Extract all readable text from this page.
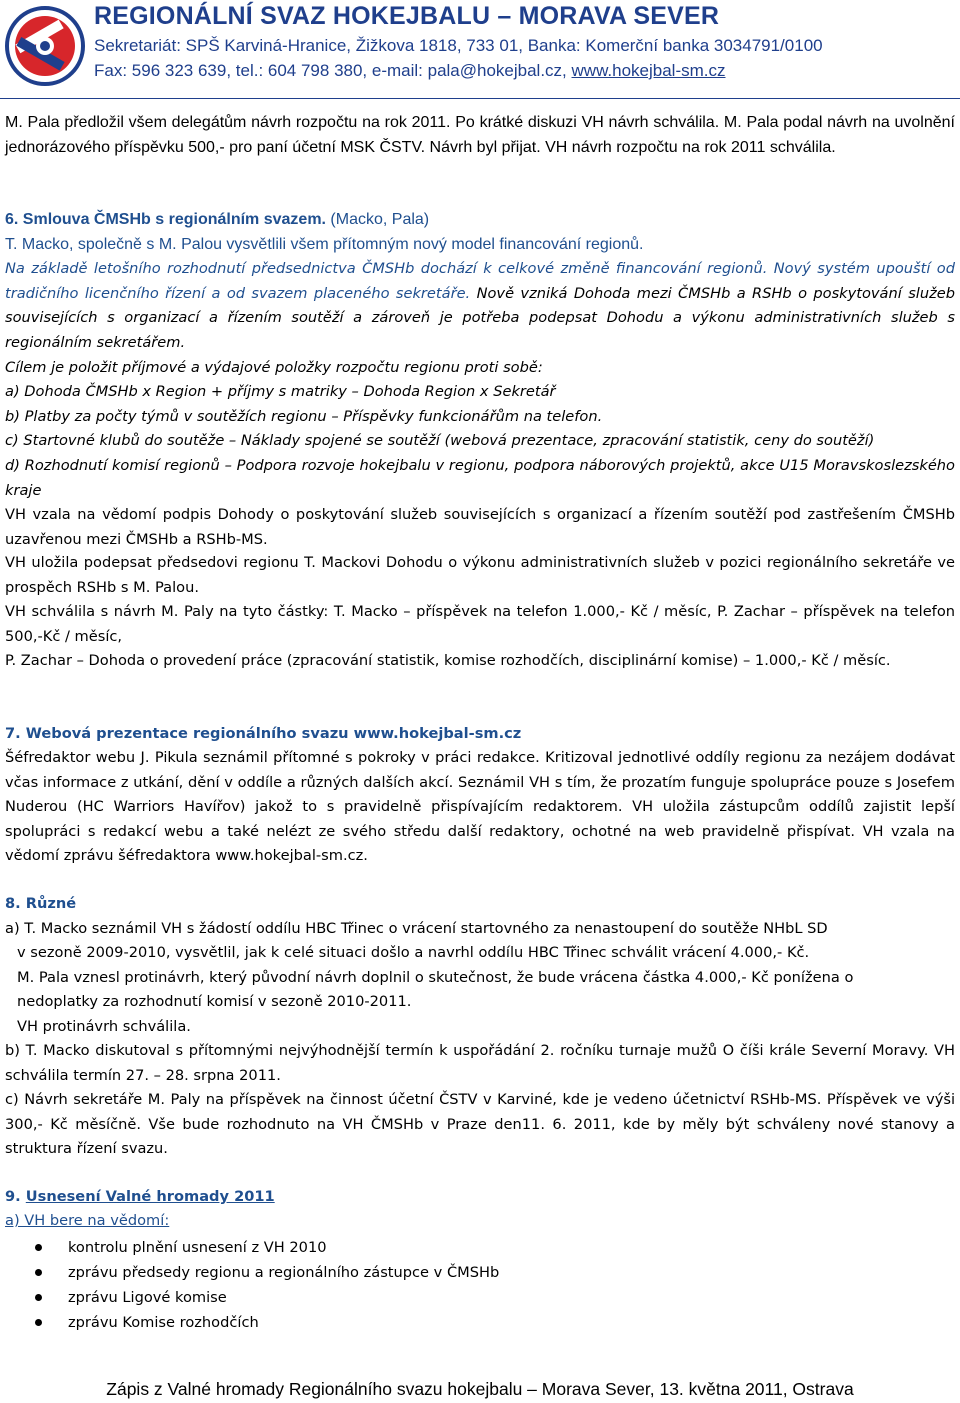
REGIONÁLNÍ SVAZ HOKEJBALU – MORAVA SEVER
Sekretariát: SPŠ Karviná-Hranice, Žižkova 1818, 733 01, Banka: Komerční banka 3034791/0100
Fax: 596 323 639, tel.: 604 798 380, e-mail: pala@hokejbal.cz, www.hokejbal-sm.cz
M. Pala předložil všem delegátům návrh rozpočtu na rok 2011. Po krátké diskuzi VH návrh schválila. M. Pala podal návrh na uvolnění jednorázového příspěvku 500,- pro paní účetní MSK ČSTV. Návrh byl přijat. VH návrh rozpočtu na rok 2011 schválila.
6. Smlouva ČMSHb s regionálním svazem. (Macko, Pala)
T. Macko, společně s M. Palou vysvětlili všem přítomným nový model financování regionů.
Na základě letošního rozhodnutí předsednictva ČMSHb dochází k celkové změně financování regionů. Nový systém upouští od tradičního licenčního řízení a od svazem placeného sekretáře. Nově vzniká Dohoda mezi ČMSHb a RSHb o poskytování služeb souvisejících s organizací a řízením soutěží a zároveň je potřeba podepsat Dohodu a výkonu administrativních služeb s regionálním sekretářem.
Cílem je položit příjmové a výdajové položky rozpočtu regionu proti sobě:
a) Dohoda ČMSHb x Region + příjmy s matriky – Dohoda Region x Sekretář
b) Platby za počty týmů v soutěžích regionu – Příspěvky funkcionářům na telefon.
c) Startovné klubů do soutěže – Náklady spojené se soutěží (webová prezentace, zpracování statistik, ceny do soutěží)
d) Rozhodnutí komisí regionů – Podpora rozvoje hokejbalu v regionu, podpora náborových projektů, akce U15 Moravskoslezského kraje
VH vzala na vědomí podpis Dohody o poskytování služeb souvisejících s organizací a řízením soutěží pod zastřešením ČMSHb uzavřenou mezi ČMSHb a RSHb-MS.
VH uložila podepsat předsedovi regionu T. Mackovi Dohodu o výkonu administrativních služeb v pozici regionálního sekretáře ve prospěch RSHb s M. Palou.
VH schválila s návrh M. Paly na tyto částky: T. Macko – příspěvek na telefon 1.000,- Kč / měsíc, P. Zachar – příspěvek na telefon 500,-Kč / měsíc,
P. Zachar – Dohoda o provedení práce (zpracování statistik, komise rozhodčích, disciplinární komise) – 1.000,- Kč / měsíc.
7. Webová prezentace regionálního svazu www.hokejbal-sm.cz
Šéfredaktor webu J. Pikula seznámil přítomné s pokroky v práci redakce. Kritizoval jednotlivé oddíly regionu za nezájem dodávat včas informace z utkání, dění v oddíle a různých dalších akcí. Seznámil VH s tím, že prozatím funguje spolupráce pouze s Josefem Nuderou (HC Warriors Havířov) jakož to s pravidelně přispívajícím redaktorem. VH uložila zástupcům oddílů zajistit lepší spolupráci s redakcí webu a také nelézt ze svého středu další redaktory, ochotné na web pravidelně přispívat. VH vzala na vědomí zprávu šéfredaktora www.hokejbal-sm.cz.
8. Různé
a) T. Macko seznámil VH s žádostí oddílu HBC Třinec o vrácení startovného za nenastoupení do soutěže NHbL SD
v sezoně 2009-2010, vysvětlil, jak k celé situaci došlo a navrhl oddílu HBC Třinec schválit vrácení 4.000,- Kč.
M. Pala vznesl protinávrh, který původní návrh doplnil o skutečnost, že bude vrácena částka 4.000,- Kč ponížena o
nedoplatky za rozhodnutí komisí v sezoně 2010-2011.
VH protinávrh schválila.
b) T. Macko diskutoval s přítomnými nejvýhodnější termín k uspořádání 2. ročníku turnaje mužů O číši krále Severní Moravy. VH schválila termín 27. – 28. srpna 2011.
c) Návrh sekretáře M. Paly na příspěvek na činnost účetní ČSTV v Karviné, kde je vedeno účetnictví RSHb-MS. Příspěvek ve výši 300,- Kč měsíčně. Vše bude rozhodnuto na VH ČMSHb v Praze den11. 6. 2011, kde by měly být schváleny nové stanovy a struktura řízení svazu.
9. Usnesení Valné hromady 2011
a) VH bere na vědomí:
kontrolu plnění usnesení z VH 2010
zprávu předsedy regionu a regionálního zástupce v ČMSHb
zprávu Ligové komise
zprávu Komise rozhodčích
Zápis z Valné hromady Regionálního svazu hokejbalu – Morava Sever, 13. května 2011, Ostrava
